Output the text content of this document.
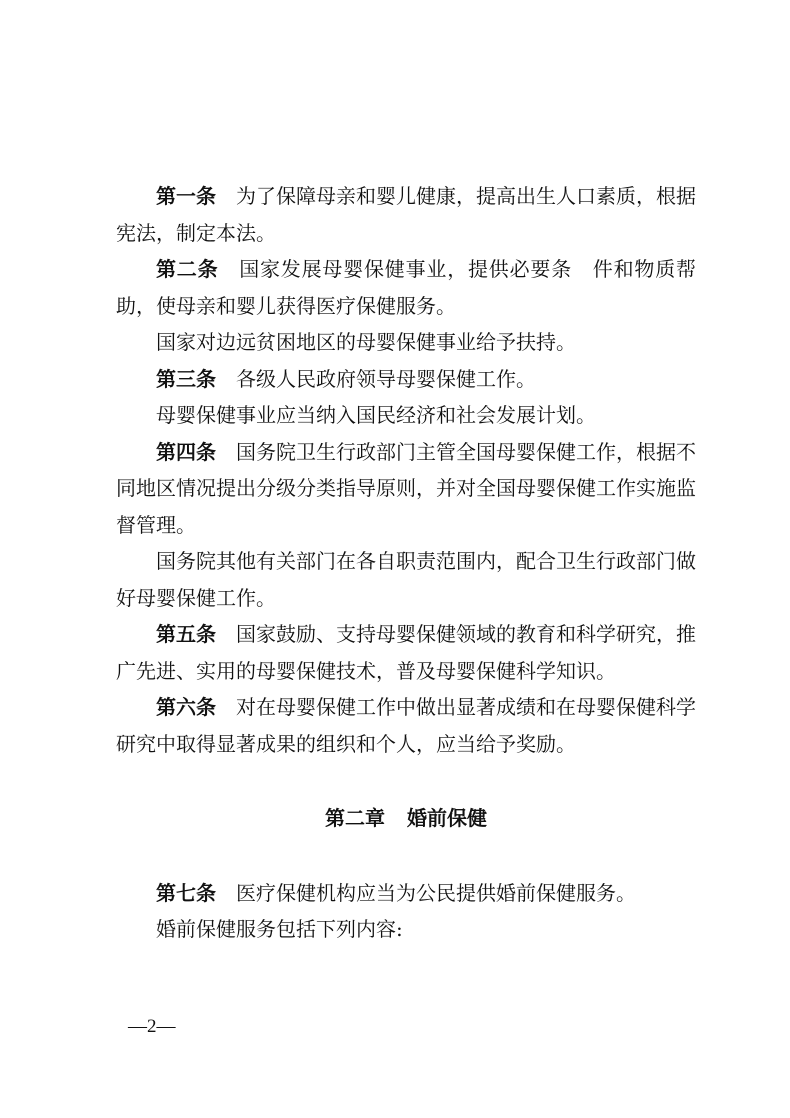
第一条 为了保障母亲和婴儿健康，提高出生人口素质，根据宪法，制定本法。

第二条 国家发展母婴保健事业，提供必要条　件和物质帮助，使母亲和婴儿获得医疗保健服务。

国家对边远贫困地区的母婴保健事业给予扶持。

第三条 各级人民政府领导母婴保健工作。

母婴保健事业应当纳入国民经济和社会发展计划。

第四条 国务院卫生行政部门主管全国母婴保健工作，根据不同地区情况提出分级分类指导原则，并对全国母婴保健工作实施监督管理。

国务院其他有关部门在各自职责范围内，配合卫生行政部门做好母婴保健工作。

第五条 国家鼓励、支持母婴保健领域的教育和科学研究，推广先进、实用的母婴保健技术，普及母婴保健科学知识。

第六条 对在母婴保健工作中做出显著成绩和在母婴保健科学研究中取得显著成果的组织和个人，应当给予奖励。

第二章 婚前保健

第七条 医疗保健机构应当为公民提供婚前保健服务。

婚前保健服务包括下列内容:

—2—
